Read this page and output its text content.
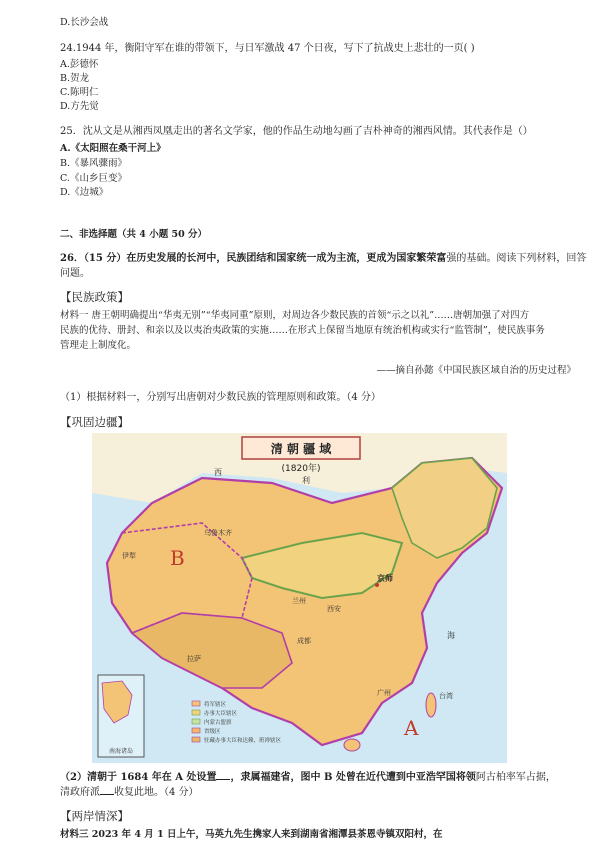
D.长沙会战
24.1944 年，衡阳守军在谁的带领下，与日军激战 47 个日夜，写下了抗战史上悲壮的一页( )
A.彭德怀
B.贺龙
C.陈明仁
D.方先觉
25．沈从文是从湘西凤凰走出的著名文学家，他的作品生动地勾画了吉朴神奇的湘西风情。其代表作是（）
A.《太阳照在桑干河上》
B.《暴风骤雨》
C.《山乡巨变》
D.《边城》
二、非选择题（共 4 小题 50 分）
26．（15 分）在历史发展的长河中，民族团结和国家统一成为主流，更成为国家繁荣富强的基础。阅读下列材料，回答
问题。
【民族政策】
材料一 唐王朝明确提出“华夷无别”“华夷同重”原则，对周边各少数民族的首领“示之以礼”……唐朝加强了对四方
民族的优待、册封、和亲以及以夷治夷政策的实施……在形式上保留当地原有统治机构或实行“监管制”，使民族事务
管理走上制度化。
——摘自孙懿《中国民族区域自治的历史过程》
（1）根据材料一，分别写出唐朝对少数民族的管理原则和政策。（4 分）
【巩固边疆】
清 朝 疆 域
(1820年)
西
利
乌鲁木齐
伊犁
京师
兰州
西安
成都
拉萨
广州	台湾
海
B
A
南海诸岛
将军辖区
办事大臣辖区
内蒙古盟旗
省级区
驻藏办事大臣和达赖、班禅辖区
（2）清朝于 1684 年在 A 处设置 ，隶属福建省，图中 B 处曾在近代遭到中亚浩罕国将领阿古柏率军占据，
清政府派 收复此地。（4 分）
【两岸情深】
材料三 2023 年 4 月 1 日上午，马英九先生携家人来到湖南省湘潭县茶恩寺镇双阳村，在
